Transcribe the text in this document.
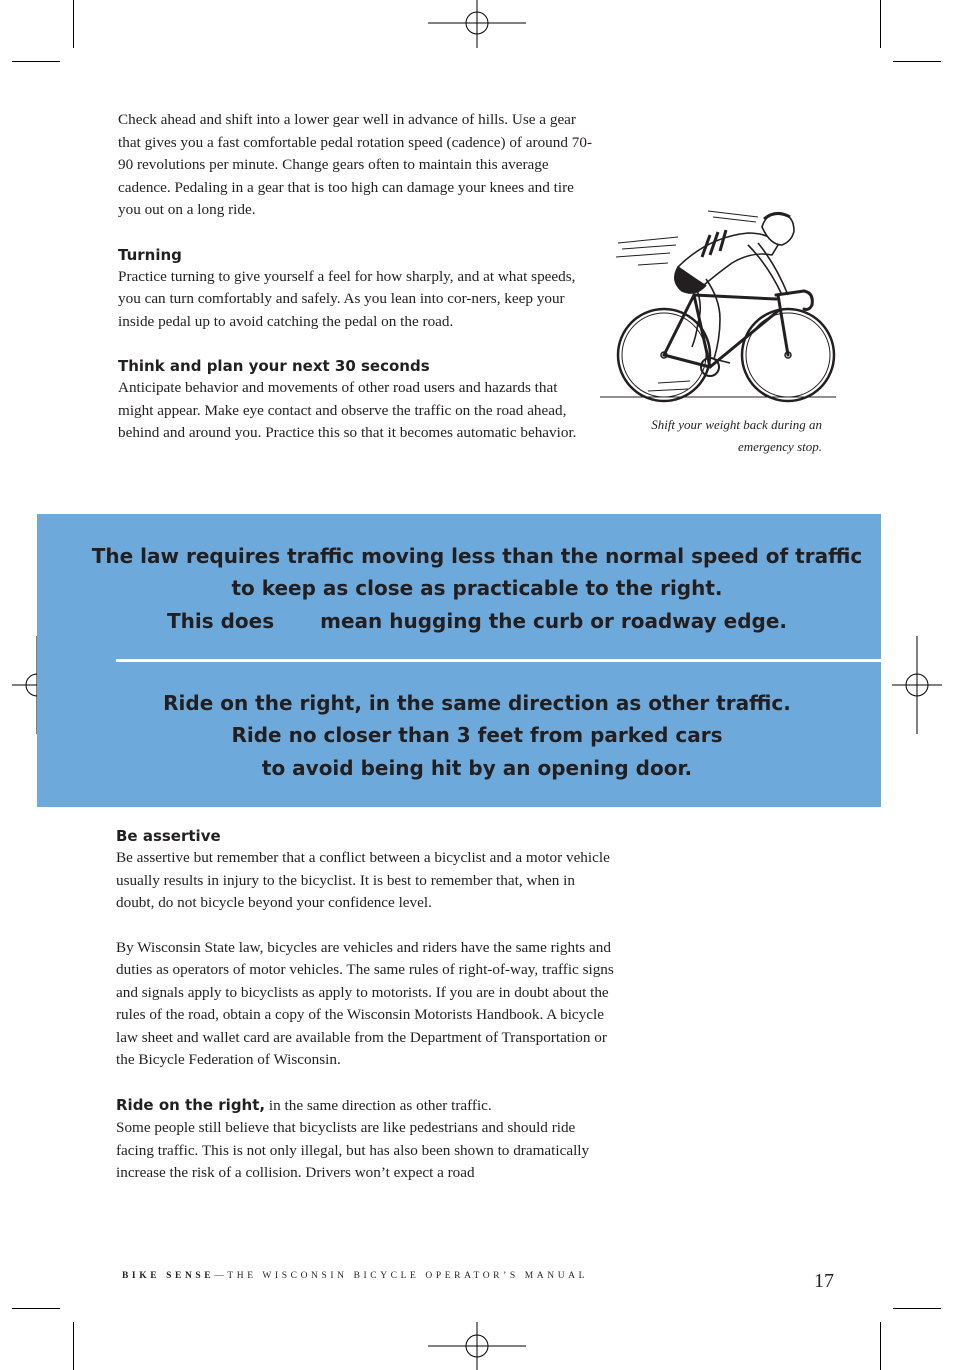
Check ahead and shift into a lower gear well in advance of hills. Use a gear that gives you a fast comfortable pedal rotation speed (cadence) of around 70-90 revolutions per minute. Change gears often to maintain this average cadence. Pedaling in a gear that is too high can damage your knees and tire you out on a long ride.

Turning

Practice turning to give yourself a feel for how sharply, and at what speeds, you can turn comfortably and safely. As you lean into cor-ners, keep your inside pedal up to avoid catching the pedal on the road.

Think and plan your next 30 seconds

Anticipate behavior and movements of other road users and hazards that might appear. Make eye contact and observe the traffic on the road ahead, behind and around you. Practice this so that it becomes automatic behavior.	Shift your weight back during an
emergency stop.
The law requires traffic moving less than the normal speed of traffic
to keep as close as practicable to the right.
This does mean hugging the curb or roadway edge.
Ride on the right, in the same direction as other traffic.
Ride no closer than 3 feet from parked cars
to avoid being hit by an opening door.

Be assertive

Be assertive but remember that a conflict between a bicyclist and a motor vehicle usually results in injury to the bicyclist. It is best to remember that, when in doubt, do not bicycle beyond your confidence level.

By Wisconsin State law, bicycles are vehicles and riders have the same rights and duties as operators of motor vehicles. The same rules of right-of-way, traffic signs and signals apply to bicyclists as apply to motorists. If you are in doubt about the rules of the road, obtain a copy of the Wisconsin Motorists Handbook. A bicycle law sheet and wallet card are available from the Department of Transportation or the Bicycle Federation of Wisconsin.

Ride on the right, in the same direction as other traffic.

Some people still believe that bicyclists are like pedestrians and should ride facing traffic. This is not only illegal, but has also been shown to dramatically increase the risk of a collision. Drivers won’t expect a road

BIKE SENSE—THE WISCONSIN BICYCLE OPERATOR’S MANUAL	17
